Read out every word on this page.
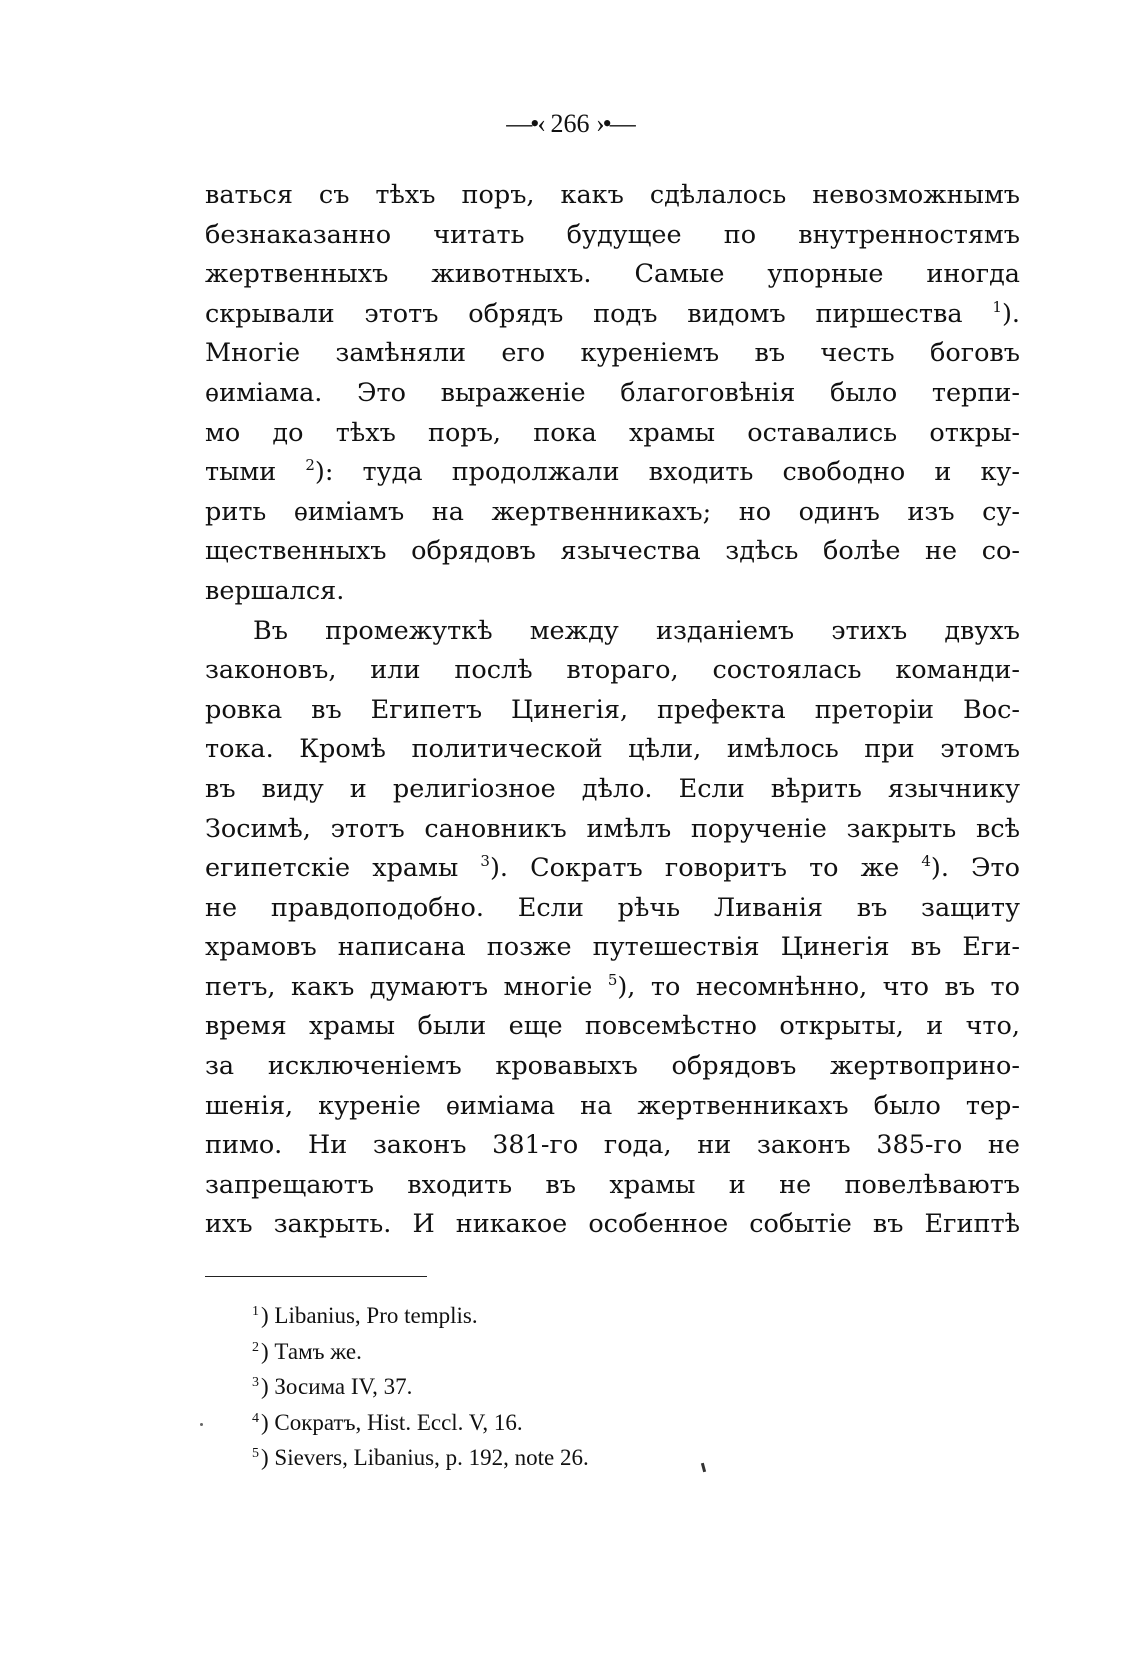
—•‹ 266 ›•—
ваться съ тѣхъ поръ, какъ сдѣлалось невозможнымъ
безнаказанно читать будущее по внутренностямъ
жертвенныхъ животныхъ. Самые упорные иногда
скрывали этотъ обрядъ подъ видомъ пиршества $^1$).
Многіе замѣняли его куреніемъ въ честь боговъ
ѳиміама. Это выраженіе благоговѣнія было терпи-
мо до тѣхъ поръ, пока храмы оставались откры-
тыми $^2$): туда продолжали входить свободно и ку-
рить ѳиміамъ на жертвенникахъ; но одинъ изъ су-
щественныхъ обрядовъ язычества здѣсь болѣе не со-
вершался.
Въ промежуткѣ между изданіемъ этихъ двухъ
законовъ, или послѣ втораго, состоялась команди-
ровка въ Египетъ Цинегія, префекта преторіи Вос-
тока. Кромѣ политической цѣли, имѣлось при этомъ
въ виду и религіозное дѣло. Если вѣрить язычнику
Зосимѣ, этотъ сановникъ имѣлъ порученіе закрыть всѣ
египетскіе храмы $^3$). Сократъ говоритъ то же $^4$). Это
не правдоподобно. Если рѣчь Ливанія въ защиту
храмовъ написана позже путешествія Цинегія въ Еги-
петъ, какъ думаютъ многіе $^5$), то несомнѣнно, что въ то
время храмы были еще повсемѣстно открыты, и что,
за исключеніемъ кровавыхъ обрядовъ жертвоприно-
шенія, куреніе ѳиміама на жертвенникахъ было тер-
пимо. Ни законъ 381-го года, ни законъ 385-го не
запрещаютъ входить въ храмы и не повелѣваютъ
ихъ закрыть. И никакое особенное событіе въ Египтѣ
$^1$) Libanius, Pro templis.
$^2$) Тамъ же.
$^3$) Зосима IV, 37.
$^4$) Сократъ, Hist. Eccl. V, 16.
$^5$) Sievers, Libanius, p. 192, note 26.
